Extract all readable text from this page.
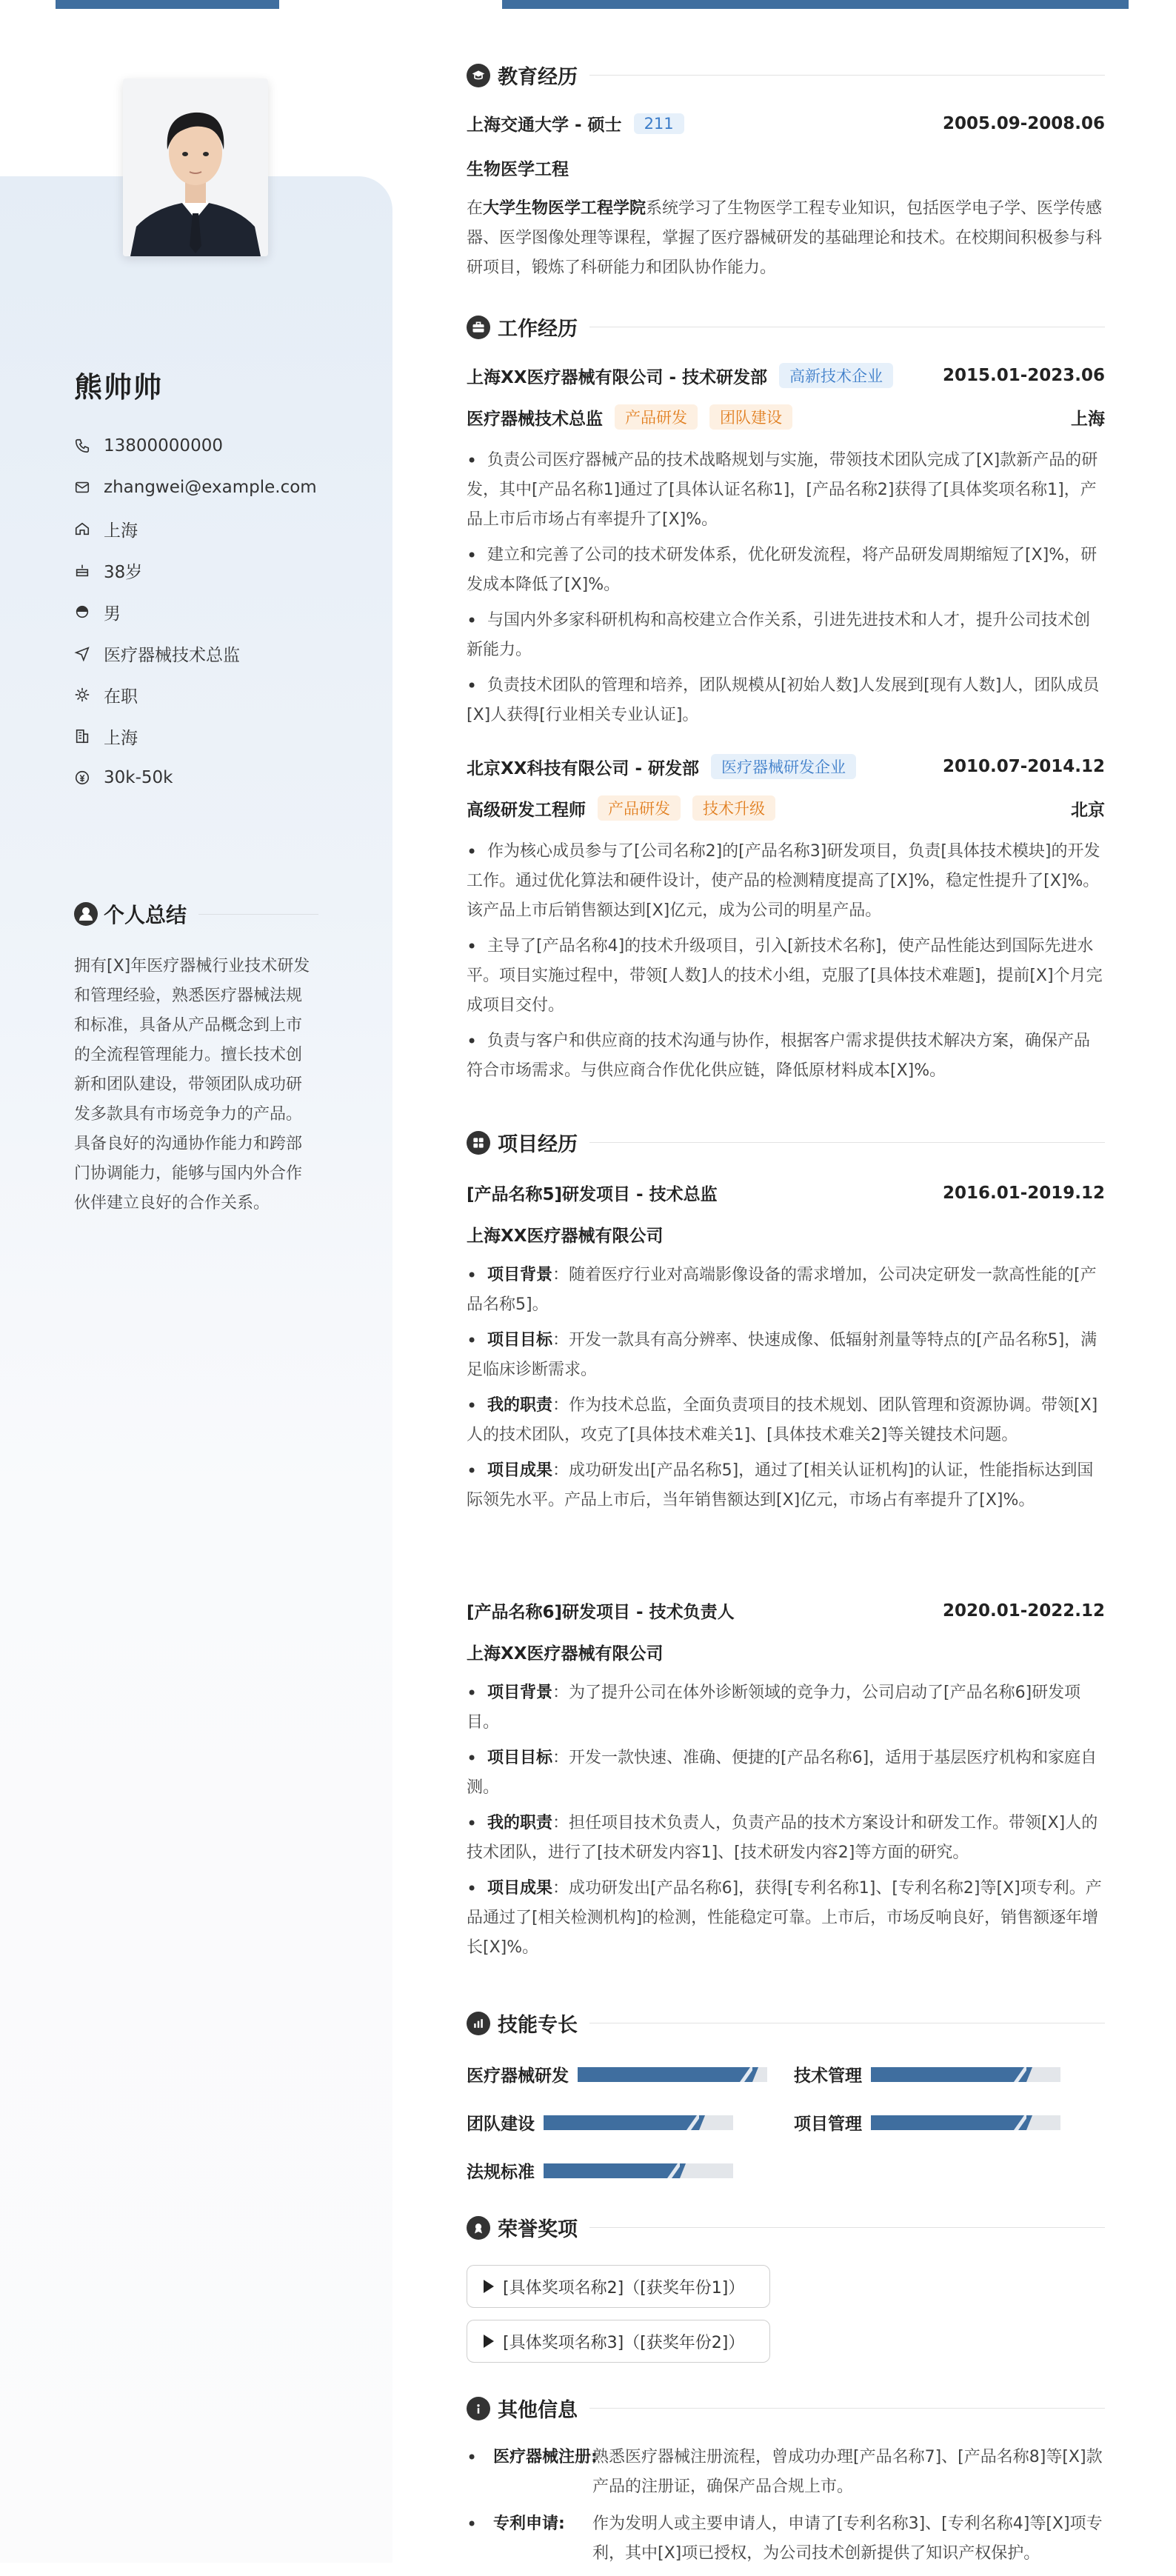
熊帅帅
13800000000
zhangwei@example.com
上海
38岁
男
医疗器械技术总监
在职
上海
30k-50k
个人总结
拥有[X]年医疗器械行业技术研发和管理经验，熟悉医疗器械法规和标准，具备从产品概念到上市的全流程管理能力。擅长技术创新和团队建设，带领团队成功研发多款具有市场竞争力的产品。具备良好的沟通协作能力和跨部门协调能力，能够与国内外合作伙伴建立良好的合作关系。
教育经历
上海交通大学 - 硕士	211	2005.09-2008.06
生物医学工程

在大学生物医学工程学院系统学习了生物医学工程专业知识，包括医学电子学、医学传感器、医学图像处理等课程，掌握了医疗器械研发的基础理论和技术。在校期间积极参与科研项目，锻炼了科研能力和团队协作能力。

工作经历
上海XX医疗器械有限公司 - 技术研发部	高新技术企业	2015.01-2023.06
医疗器械技术总监	产品研发	团队建设	上海
• 负责公司医疗器械产品的技术战略规划与实施，带领技术团队完成了[X]款新产品的研发，其中[产品名称1]通过了[具体认证名称1]，[产品名称2]获得了[具体奖项名称1]，产品上市后市场占有率提升了[X]%。
• 建立和完善了公司的技术研发体系，优化研发流程，将产品研发周期缩短了[X]%，研发成本降低了[X]%。
• 与国内外多家科研机构和高校建立合作关系，引进先进技术和人才，提升公司技术创新能力。
• 负责技术团队的管理和培养，团队规模从[初始人数]人发展到[现有人数]人，团队成员[X]人获得[行业相关专业认证]。
北京XX科技有限公司 - 研发部	医疗器械研发企业	2010.07-2014.12
高级研发工程师	产品研发	技术升级	北京
• 作为核心成员参与了[公司名称2]的[产品名称3]研发项目，负责[具体技术模块]的开发工作。通过优化算法和硬件设计，使产品的检测精度提高了[X]%，稳定性提升了[X]%。该产品上市后销售额达到[X]亿元，成为公司的明星产品。
• 主导了[产品名称4]的技术升级项目，引入[新技术名称]，使产品性能达到国际先进水平。项目实施过程中，带领[人数]人的技术小组，克服了[具体技术难题]，提前[X]个月完成项目交付。
• 负责与客户和供应商的技术沟通与协作，根据客户需求提供技术解决方案，确保产品符合市场需求。与供应商合作优化供应链，降低原材料成本[X]%。
项目经历
[产品名称5]研发项目 - 技术总监	2016.01-2019.12
上海XX医疗器械有限公司
• 项目背景：随着医疗行业对高端影像设备的需求增加，公司决定研发一款高性能的[产品名称5]。
• 项目目标：开发一款具有高分辨率、快速成像、低辐射剂量等特点的[产品名称5]，满足临床诊断需求。
• 我的职责：作为技术总监，全面负责项目的技术规划、团队管理和资源协调。带领[X]人的技术团队，攻克了[具体技术难关1]、[具体技术难关2]等关键技术问题。
• 项目成果：成功研发出[产品名称5]，通过了[相关认证机构]的认证，性能指标达到国际领先水平。产品上市后，当年销售额达到[X]亿元，市场占有率提升了[X]%。
[产品名称6]研发项目 - 技术负责人	2020.01-2022.12
上海XX医疗器械有限公司
• 项目背景：为了提升公司在体外诊断领域的竞争力，公司启动了[产品名称6]研发项目。
• 项目目标：开发一款快速、准确、便捷的[产品名称6]，适用于基层医疗机构和家庭自测。
• 我的职责：担任项目技术负责人，负责产品的技术方案设计和研发工作。带领[X]人的技术团队，进行了[技术研发内容1]、[技术研发内容2]等方面的研究。
• 项目成果：成功研发出[产品名称6]，获得[专利名称1]、[专利名称2]等[X]项专利。产品通过了[相关检测机构]的检测，性能稳定可靠。上市后，市场反响良好，销售额逐年增长[X]%。
技能专长
医疗器械研发	技术管理
团队建设	项目管理
法规标准
荣誉奖项
[具体奖项名称2]（[获奖年份1]）
[具体奖项名称3]（[获奖年份2]）
其他信息
• 医疗器械注册:
熟悉医疗器械注册流程，曾成功办理[产品名称7]、[产品名称8]等[X]款产品的注册证，确保产品合规上市。
• 专利申请:	作为发明人或主要申请人，申请了[专利名称3]、[专利名称4]等[X]项专利，其中[X]项已授权，为公司技术创新提供了知识产权保护。
